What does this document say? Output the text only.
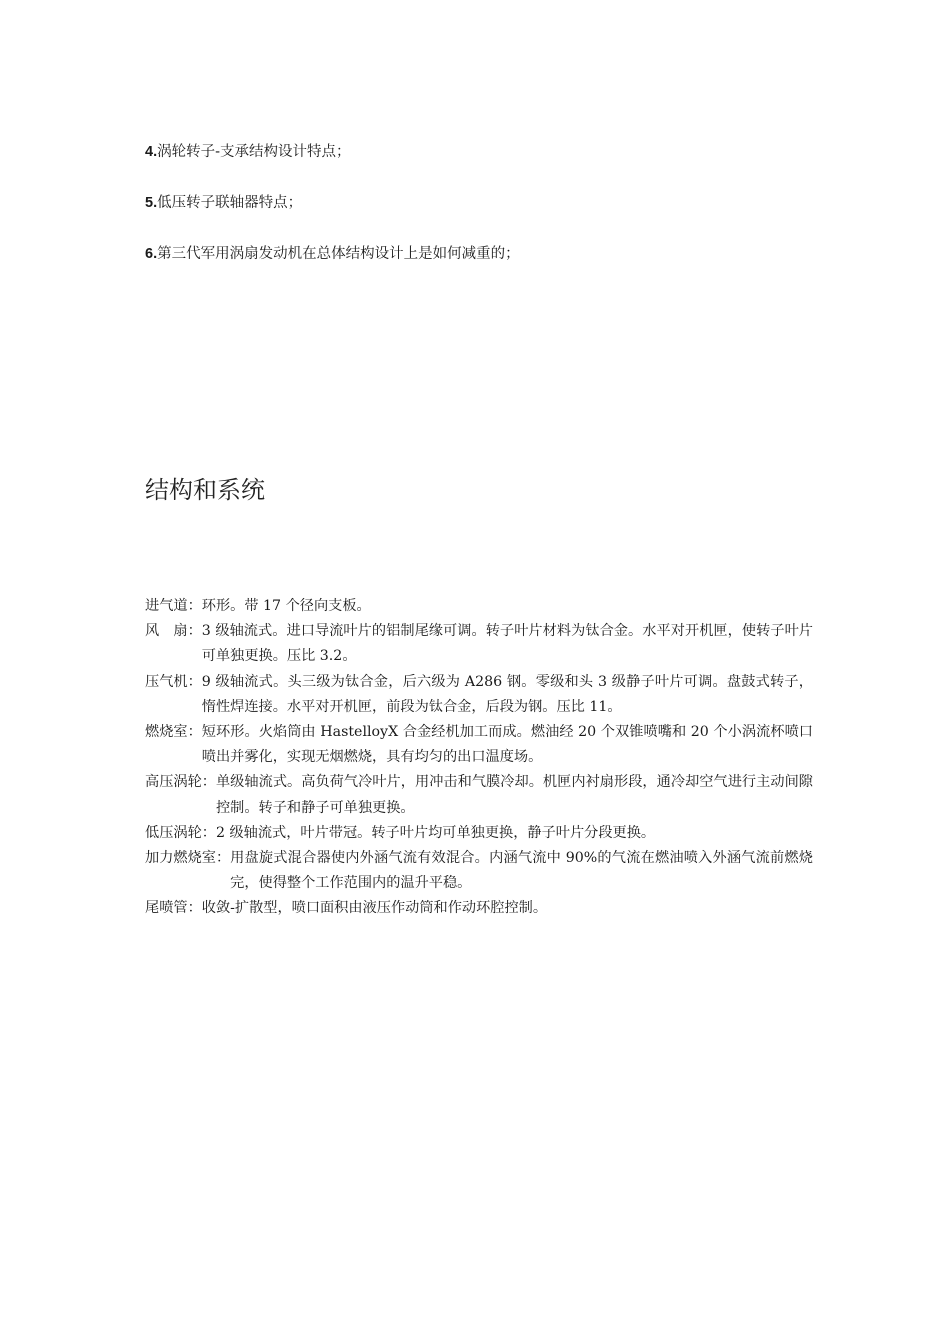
4.涡轮转子-支承结构设计特点；
5.低压转子联轴器特点；
6.第三代军用涡扇发动机在总体结构设计上是如何减重的；
结构和系统
进气道： 环形。带 17 个径向支板。
风　扇： 3 级轴流式。进口导流叶片的铝制尾缘可调。转子叶片材料为钛合金。水平对开机匣，使转子叶片可单独更换。压比 3.2。
压气机： 9 级轴流式。头三级为钛合金，后六级为 A286 钢。零级和头 3 级静子叶片可调。盘鼓式转子，惰性焊连接。水平对开机匣，前段为钛合金，后段为钢。压比 11。
燃烧室： 短环形。火焰筒由 HastelloyX 合金经机加工而成。燃油经 20 个双锥喷嘴和 20 个小涡流杯喷口喷出并雾化，实现无烟燃烧，具有均匀的出口温度场。
高压涡轮： 单级轴流式。高负荷气冷叶片，用冲击和气膜冷却。机匣内衬扇形段，通冷却空气进行主动间隙控制。转子和静子可单独更换。
低压涡轮： 2 级轴流式，叶片带冠。转子叶片均可单独更换，静子叶片分段更换。
加力燃烧室： 用盘旋式混合器使内外涵气流有效混合。内涵气流中 90%的气流在燃油喷入外涵气流前燃烧完，使得整个工作范围内的温升平稳。
尾喷管： 收敛-扩散型，喷口面积由液压作动筒和作动环腔控制。
